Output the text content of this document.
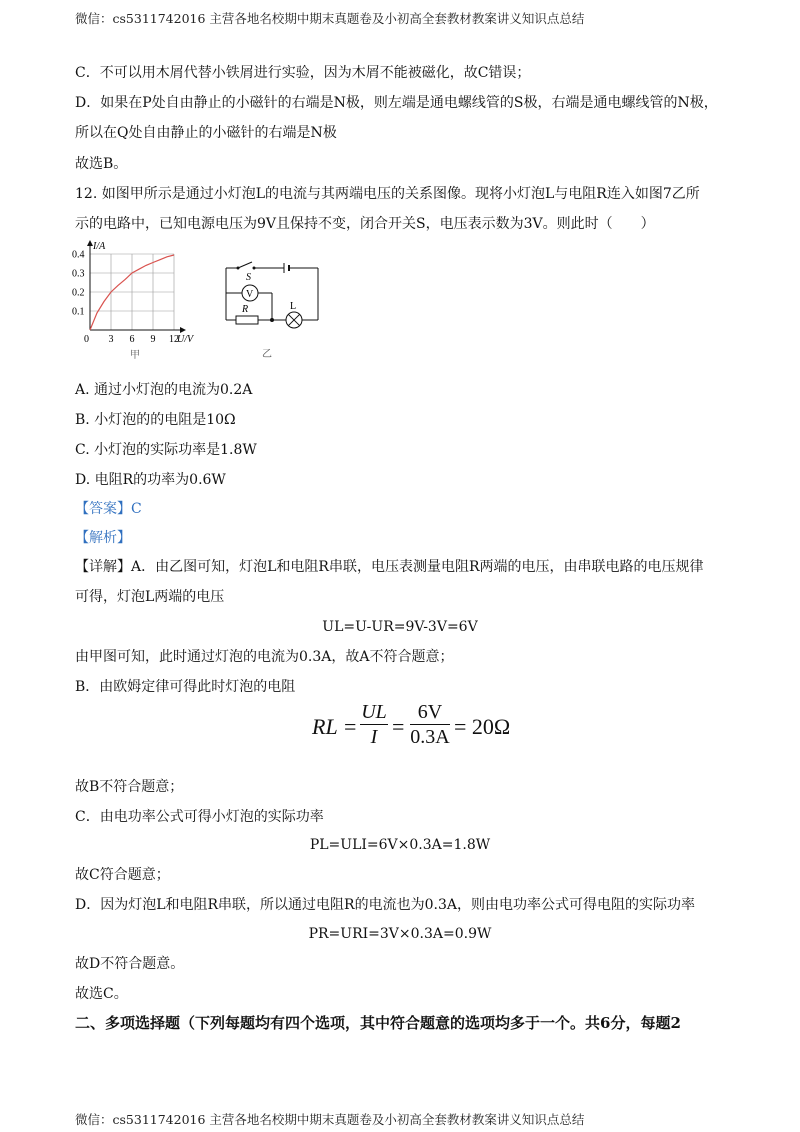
微信：cs5311742016 主营各地名校期中期末真题卷及小初高全套教材教案讲义知识点总结
C．不可以用木屑代替小铁屑进行实验，因为木屑不能被磁化，故C错误；
D．如果在P处自由静止的小磁针的右端是N极，则左端是通电螺线管的S极，右端是通电螺线管的N极，
所以在Q处自由静止的小磁针的右端是N极
故选B。
12. 如图甲所示是通过小灯泡L的电流与其两端电压的关系图像。现将小灯泡L与电阻R连入如图7乙所
示的电路中，已知电源电压为9V且保持不变，闭合开关S，电压表示数为3V。则此时（　　）
I/A
0.1
0.2
0.3
0.4
0 3 6 9 12
U/V
甲
S
V
R	L
乙
A. 通过小灯泡的电流为0.2A
B. 小灯泡的的电阻是10Ω
C. 小灯泡的实际功率是1.8W
D. 电阻R的功率为0.6W
【答案】C
【解析】
【详解】A．由乙图可知，灯泡L和电阻R串联，电压表测量电阻R两端的电压，由串联电路的电压规律
可得，灯泡L两端的电压
UL=U-UR=9V-3V=6V
由甲图可知，此时通过灯泡的电流为0.3A，故A不符合题意；
B．由欧姆定律可得此时灯泡的电阻
RL =
UL
I =
6V
0.3A = 20Ω
故B不符合题意；
C．由电功率公式可得小灯泡的实际功率
PL=ULI=6V×0.3A=1.8W
故C符合题意；
D．因为灯泡L和电阻R串联，所以通过电阻R的电流也为0.3A，则由电功率公式可得电阻的实际功率
PR=URI=3V×0.3A=0.9W
故D不符合题意。
故选C。
二、多项选择题（下列每题均有四个选项，其中符合题意的选项均多于一个。共6分，每题2
微信：cs5311742016 主营各地名校期中期末真题卷及小初高全套教材教案讲义知识点总结
